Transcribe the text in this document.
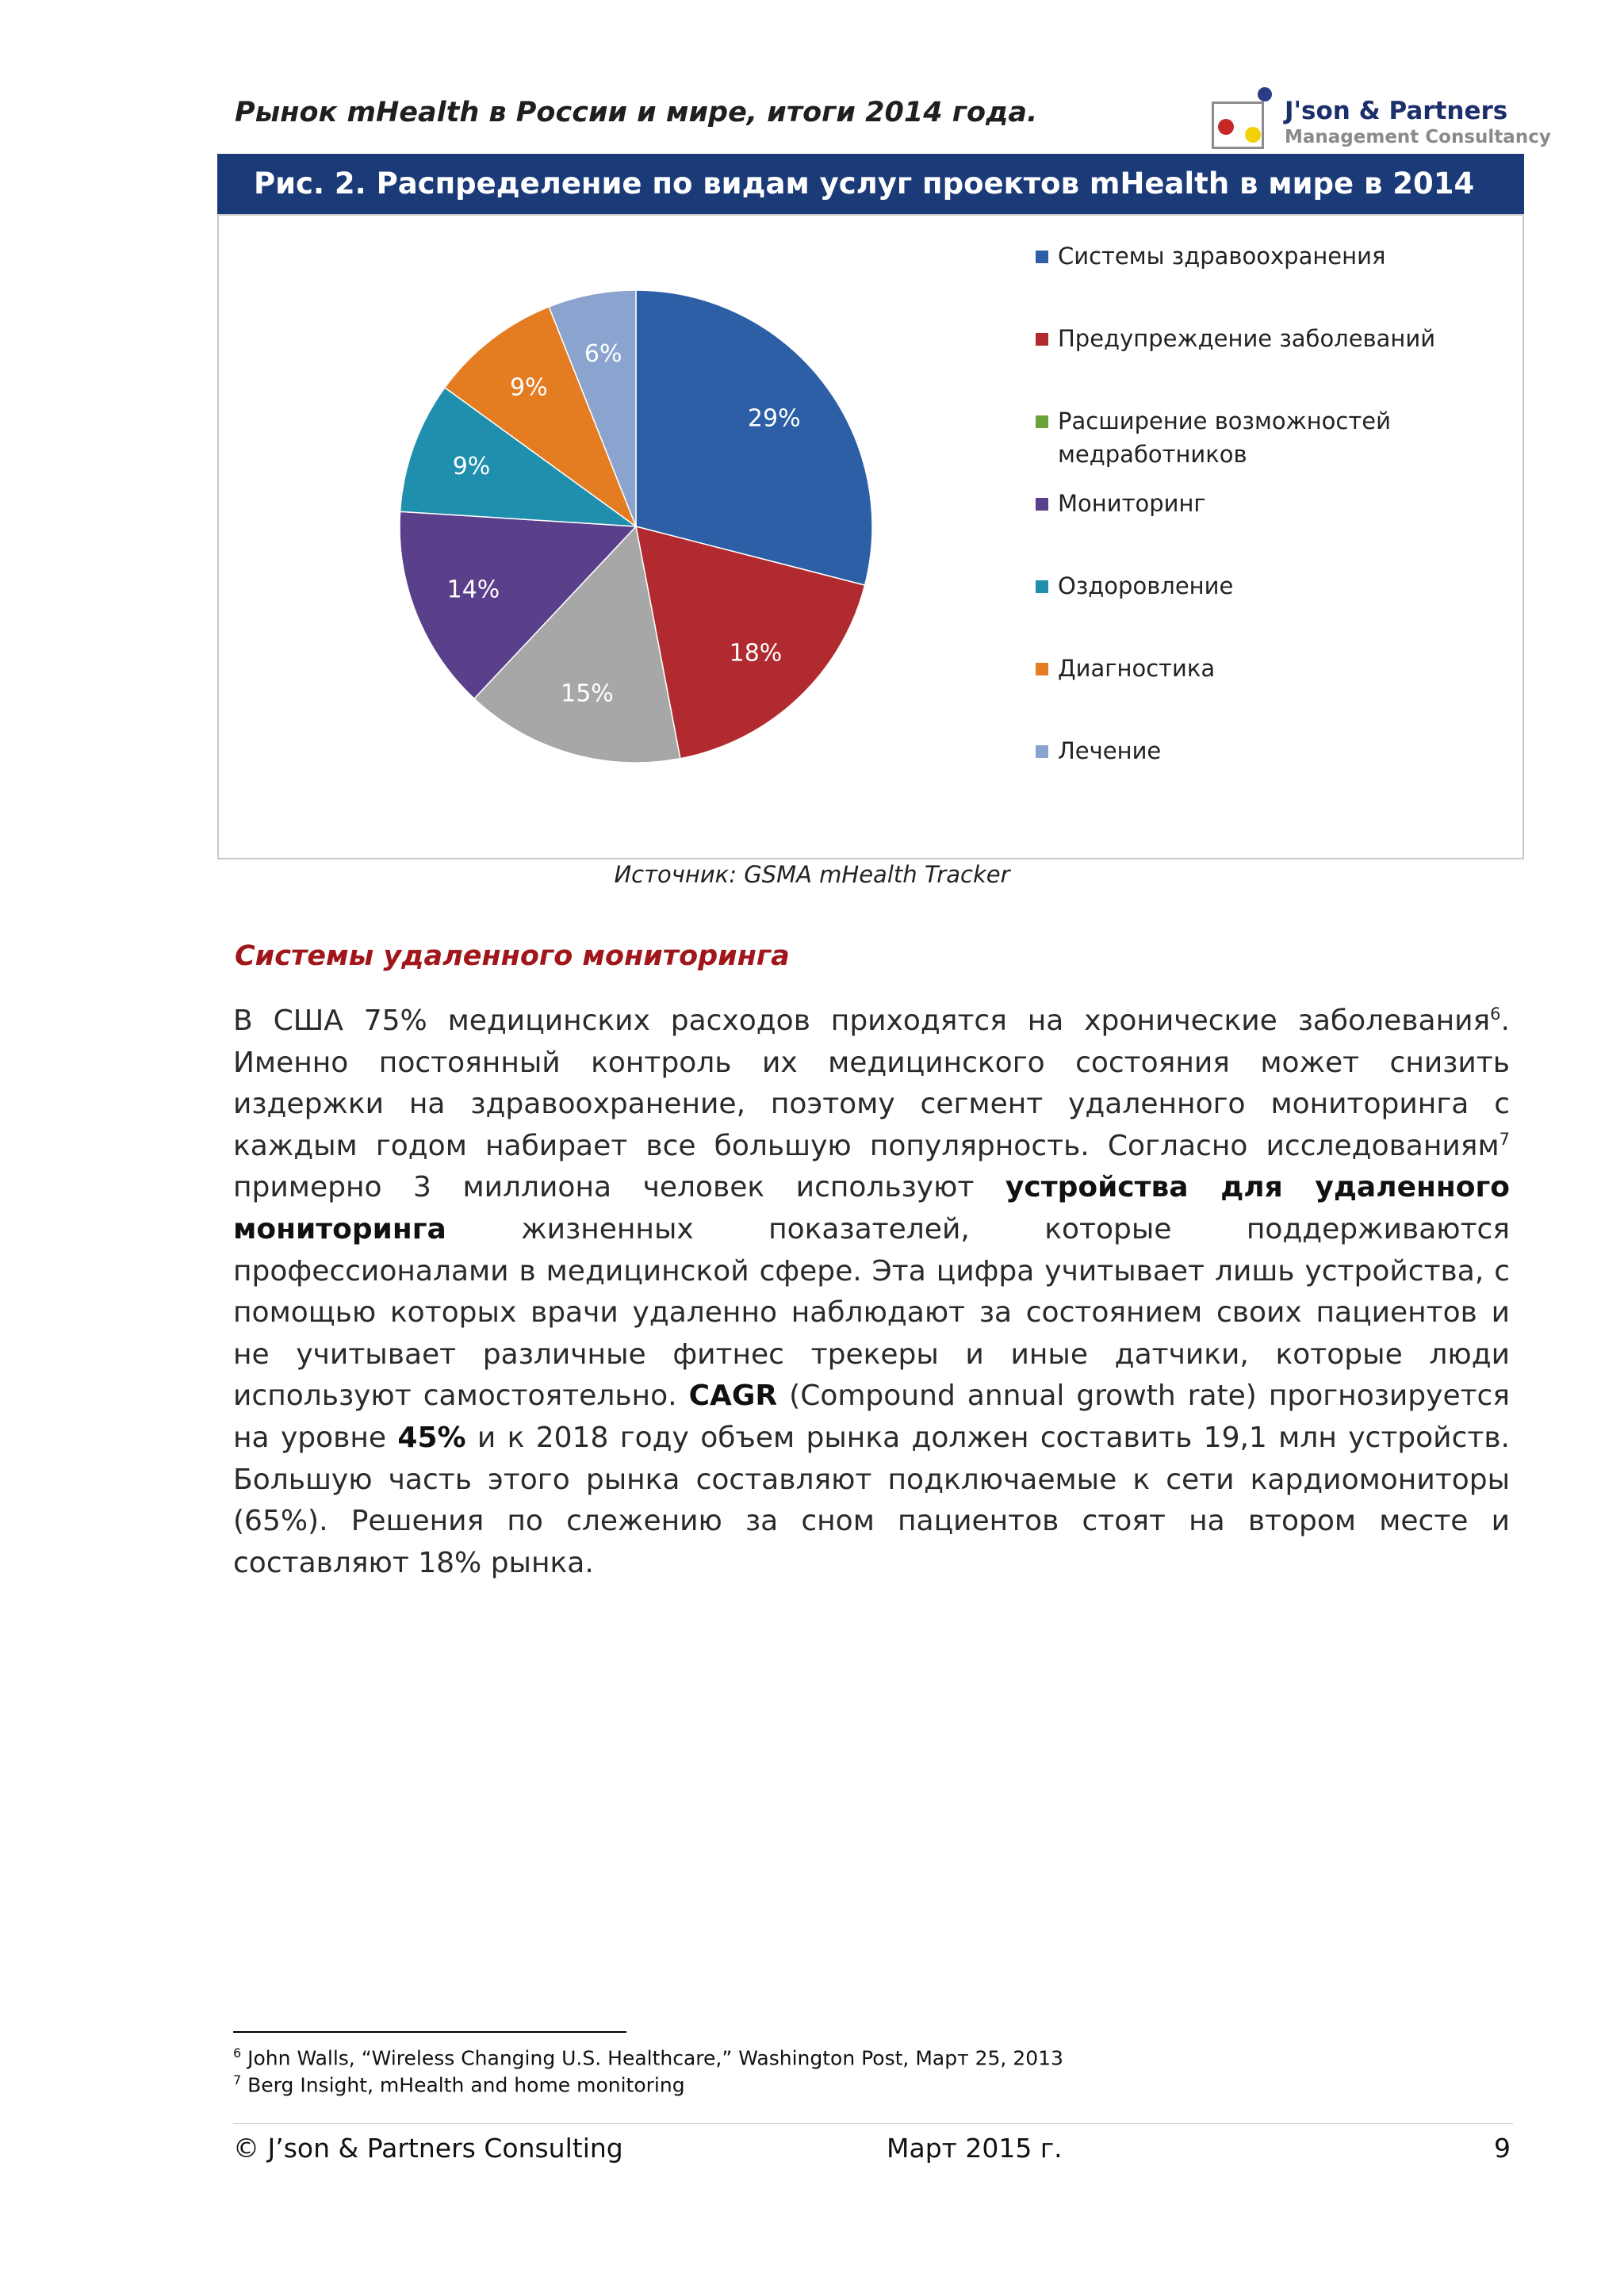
Рынок mHealth в России и мире, итоги 2014 года.	J'son & Partners
Management Consultancy
Рис. 2. Распределение по видам услуг проектов mHealth в мире в 2014
29%
18%
15%
14%
9%
9%
6%
Системы здравоохранения
Предупреждение заболеваний
Расширение возможностей
медработников
Мониторинг
Оздоровление
Диагностика
Лечение
Источник: GSMA mHealth Tracker
Системы удаленного мониторинга
В США 75% медицинских расходов приходятся на хронические заболевания$^6$. Именно постоянный контроль их медицинского состояния может снизить издержки на здравоохранение, поэтому сегмент удаленного мониторинга с каждым годом набирает все большую популярность. Согласно исследованиям$^7$ примерно 3 миллиона человек используют устройства для удаленного мониторинга жизненных показателей, которые поддерживаются профессионалами в медицинской сфере. Эта цифра учитывает лишь устройства, с помощью которых врачи удаленно наблюдают за состоянием своих пациентов и не учитывает различные фитнес трекеры и иные датчики, которые люди используют самостоятельно. CAGR (Compound annual growth rate) прогнозируется на уровне 45% и к 2018 году объем рынка должен составить 19,1 млн устройств. Большую часть этого рынка составляют подключаемые к сети кардиомониторы (65%). Решения по слежению за сном пациентов стоят на втором месте и составляют 18% рынка.
$^6$ John Walls, “Wireless Changing U.S. Healthcare,” Washington Post, Март 25, 2013
$^7$ Berg Insight, mHealth and home monitoring
© J’son & Partners Consulting	Март 2015 г.	9
